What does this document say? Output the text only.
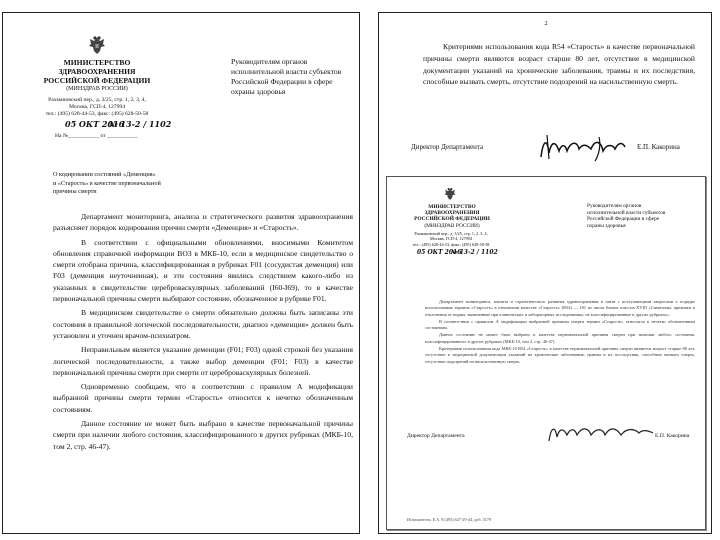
МИНИСТЕРСТВО
ЗДРАВООХРАНЕНИЯ
РОССИЙСКОЙ ФЕДЕРАЦИИ
(МИНЗДРАВ РОССИИ)
Рахмановский пер., д. 3/25, стр. 1, 2, 3, 4,
Москва, ГСП-4, 127994
тел.: (495) 628-44-53, факс: (495) 628-50-58
05 ОКТ 2016
№ 13-2 / 1102
На №___________ от ___________
Руководителям органов
исполнительной власти субъектов
Российской Федерации в сфере
охраны здоровья
О кодировании состояний «Деменция»
и «Старость» в качестве первоначальной
причины смерти

Департамент мониторинга, анализа и стратегического развития здравоохранения разъясняет порядок кодирования причин смерти «Деменция» и «Старость».

В соответствии с официальными обновлениями, вносимыми Комитетом обновления справочной информации ВОЗ в МКБ-10, если в медицинское свидетельство о смерти отобрана причина, классифицированная в рубриках F01 (сосудистая деменция) или F03 (деменция неуточненная), и эти состояния явились следствием какого-либо из указанных в свидетельстве цереброваскулярных заболеваний (I60-I69), то в качестве первоначальной причины смерти выбирают состояние, обозначенное в рубрике F01.

В медицинском свидетельстве о смерти обязательно должны быть записаны эти состояния в правильной логической последовательности, диагноз «деменция» должен быть установлен и уточнен врачом-психиатром.

Неправильным является указание деменции (F01; F03) одной строкой без указания логической последовательности, а также выбор деменции (F01; F03) в качестве первоначальной причины смерти при смерти от цереброваскулярных болезней.

Одновременно сообщаем, что в соответствии с правилом А модификации выбранной причины смерти термин «Старость» относится к нечетко обозначенным состояниям.

Данное состояние не может быть выбрано в качестве первоначальной причины смерти при наличии любого состояния, классифицированного в других рубриках (МКБ-10, том 2, стр. 46-47).

2

Критериями использования кода R54 «Старость» в качестве первоначальной причины смерти являются возраст старше 80 лет, отсутствие в медицинской документации указаний на хронические заболевания, травмы и их последствия, способные вызвать смерть, отсутствие подозрений на насильственную смерть.

Директор Департамента	Е.П. Какорина
МИНИСТЕРСТВО
ЗДРАВООХРАНЕНИЯ
РОССИЙСКОЙ ФЕДЕРАЦИИ
(МИНЗДРАВ РОССИИ)
Рахмановский пер., д. 3/25, стр. 1, 2, 3, 4,
Москва, ГСП-4, 127994
тел.: (495) 628-44-53, факс: (495) 628-50-58
05 ОКТ 2016
№ 13-2 / 1102
Руководителям органов
исполнительной власти субъектов
Российской Федерации в сфере
охраны здоровья

Департамент мониторинга, анализа и стратегического развития здравоохранения в связи с поступающими запросами о порядке использования термина «Старость» в отношении качестве «Старость» (R54) — 101 из числа блоков классов XVIII «Симптомы, признаки и отклонения от нормы, выявленные при клинических и лабораторных исследованиях, не классифицированные в других рубриках».

В соответствии с правилом А модификации выбранной причины смерти термин «Старость» относится к нечетко обозначенным состояниям.

Данное состояние не может быть выбрано в качестве первоначальной причины смерти при наличии любого состояния, классифицированного в других рубриках (МКБ-10, том 2, стр. 46-47).

Критериями использования кода МКБ-10 R54 «Старость» в качестве первоначальной причины смерти являются возраст старше 80 лет, отсутствие в медицинской документации указаний на хронические заболевания, травмы и их последствия, способные вызвать смерть, отсутствие подозрений на насильственную смерть.

Директор Департамента	Е.П. Какорина
Исполнитель: Е.А. 8 (495) 627-29-44, доб. 3179
